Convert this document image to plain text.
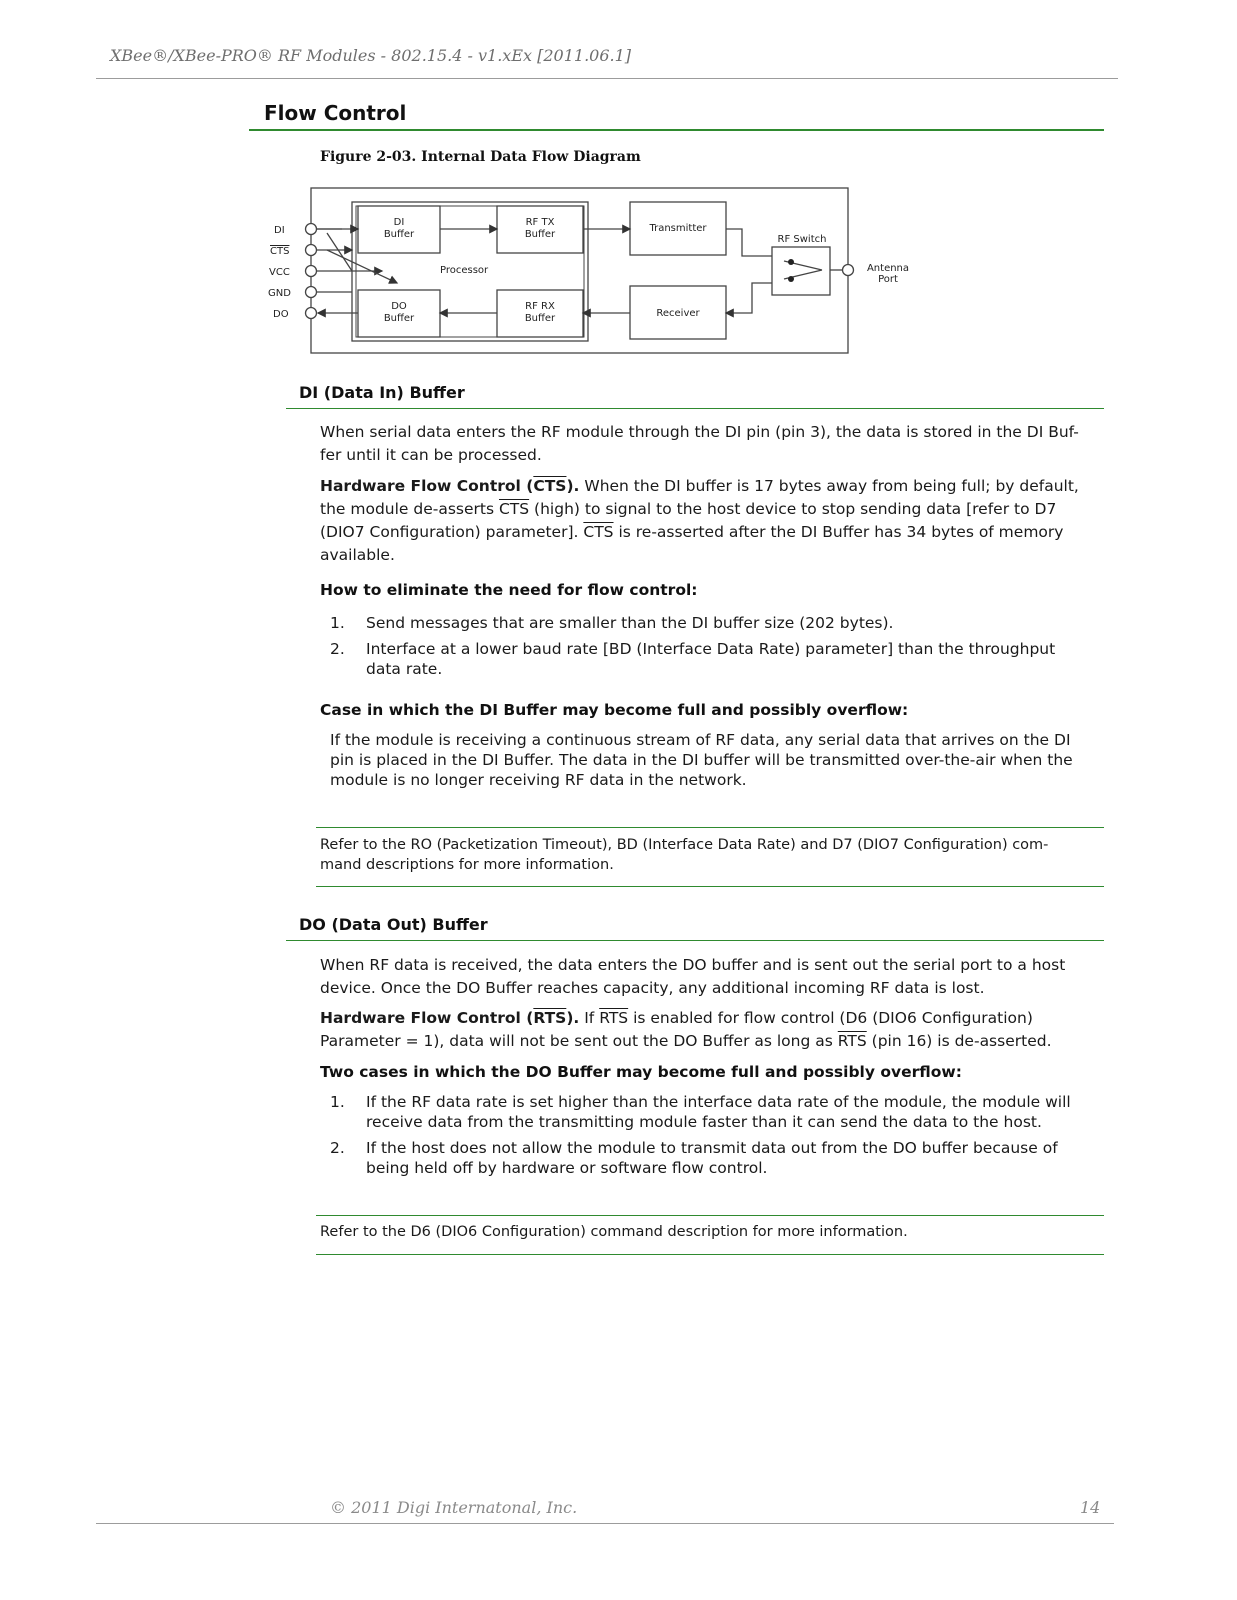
XBee®/XBee-PRO® RF Modules - 802.15.4 - v1.xEx [2011.06.1]
Flow Control
Figure 2-03. Internal Data Flow Diagram
DI
CTS
VCC
GND
DO
DI
Buffer
RF TX
Buffer
DO
Buffer
RF RX
Buffer
Processor
Transmitter
Receiver
RF Switch
Antenna
Port
DI (Data In) Buffer
When serial data enters the RF module through the DI pin (pin 3), the data is stored in the DI Buf-
fer until it can be processed.
Hardware Flow Control $(\overline{CTS})$. When the DI buffer is 17 bytes away from being full; by default,
the module de-asserts $\overline{CTS}$ (high) to signal to the host device to stop sending data [refer to D7
(DIO7 Configuration) parameter]. $\overline{CTS}$ is re-asserted after the DI Buffer has 34 bytes of memory
available.
How to eliminate the need for flow control:
1. Send messages that are smaller than the DI buffer size (202 bytes).
2. Interface at a lower baud rate [BD (Interface Data Rate) parameter] than the throughput
data rate.
Case in which the DI Buffer may become full and possibly overflow:
If the module is receiving a continuous stream of RF data, any serial data that arrives on the DI
pin is placed in the DI Buffer. The data in the DI buffer will be transmitted over-the-air when the
module is no longer receiving RF data in the network.
Refer to the RO (Packetization Timeout), BD (Interface Data Rate) and D7 (DIO7 Configuration) com-
mand descriptions for more information.
DO (Data Out) Buffer
When RF data is received, the data enters the DO buffer and is sent out the serial port to a host
device. Once the DO Buffer reaches capacity, any additional incoming RF data is lost.
Hardware Flow Control $(\overline{RTS})$. If $\overline{RTS}$ is enabled for flow control (D6 (DIO6 Configuration)
Parameter = 1), data will not be sent out the DO Buffer as long as $\overline{RTS}$ (pin 16) is de-asserted.
Two cases in which the DO Buffer may become full and possibly overflow:
1. If the RF data rate is set higher than the interface data rate of the module, the module will
receive data from the transmitting module faster than it can send the data to the host.
2. If the host does not allow the module to transmit data out from the DO buffer because of
being held off by hardware or software flow control.
Refer to the D6 (DIO6 Configuration) command description for more information.
© 2011 Digi Internatonal, Inc.	14
